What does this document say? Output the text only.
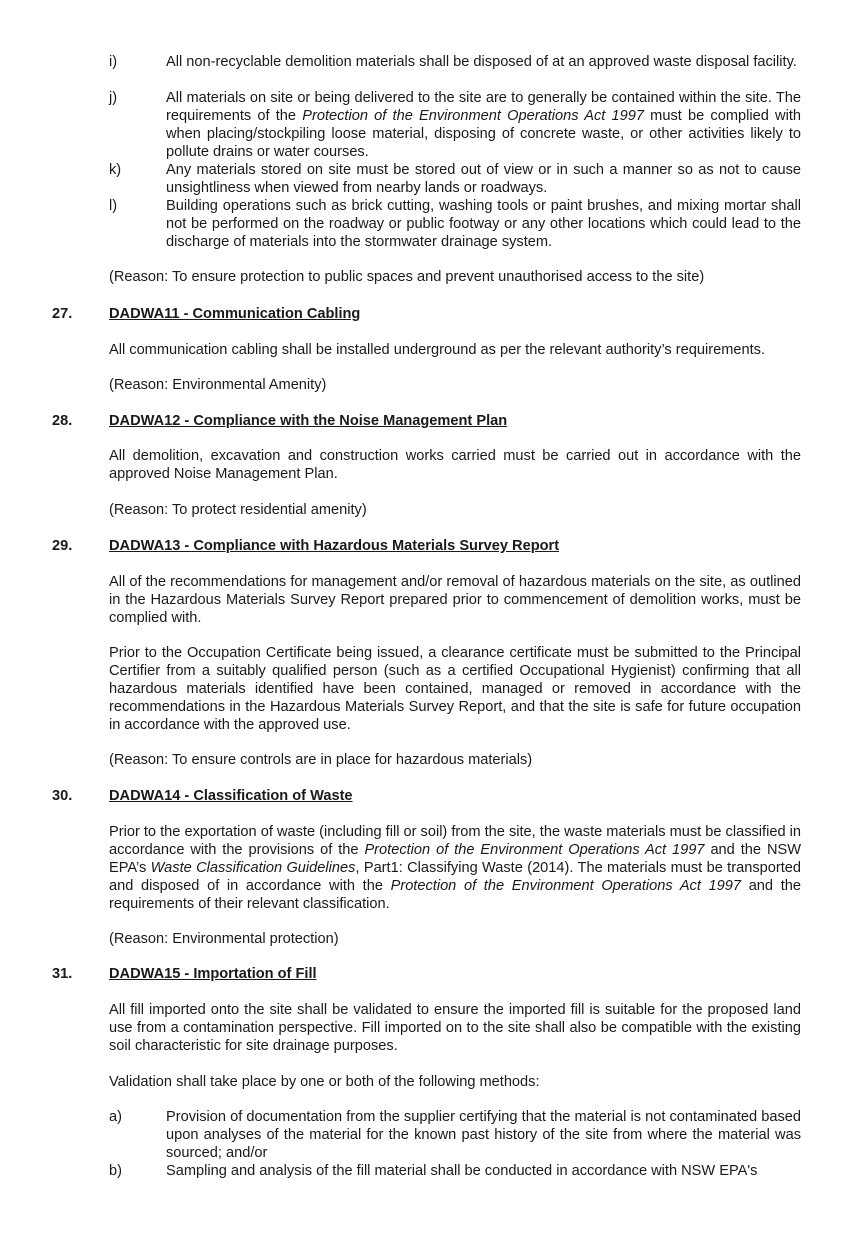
i)	All non-recyclable demolition materials shall be disposed of at an approved waste disposal facility.
j)	All materials on site or being delivered to the site are to generally be contained within the site. The requirements of the Protection of the Environment Operations Act 1997 must be complied with when placing/stockpiling loose material, disposing of concrete waste, or other activities likely to pollute drains or water courses.
k)	Any materials stored on site must be stored out of view or in such a manner so as not to cause unsightliness when viewed from nearby lands or roadways.
l)	Building operations such as brick cutting, washing tools or paint brushes, and mixing mortar shall not be performed on the roadway or public footway or any other locations which could lead to the discharge of materials into the stormwater drainage system.
(Reason: To ensure protection to public spaces and prevent unauthorised access to the site)
27.	DADWA11 - Communication Cabling
All communication cabling shall be installed underground as per the relevant authority’s requirements.
(Reason: Environmental Amenity)
28.	DADWA12 - Compliance with the Noise Management Plan
All demolition, excavation and construction works carried must be carried out in accordance with the approved Noise Management Plan.
(Reason: To protect residential amenity)
29.	DADWA13 - Compliance with Hazardous Materials Survey Report
All of the recommendations for management and/or removal of hazardous materials on the site, as outlined in the Hazardous Materials Survey Report prepared prior to commencement of demolition works, must be complied with.
Prior to the Occupation Certificate being issued, a clearance certificate must be submitted to the Principal Certifier from a suitably qualified person (such as a certified Occupational Hygienist) confirming that all hazardous materials identified have been contained, managed or removed in accordance with the recommendations in the Hazardous Materials Survey Report, and that the site is safe for future occupation in accordance with the approved use.
(Reason: To ensure controls are in place for hazardous materials)
30.	DADWA14 - Classification of Waste
Prior to the exportation of waste (including fill or soil) from the site, the waste materials must be classified in accordance with the provisions of the Protection of the Environment Operations Act 1997 and the NSW EPA’s Waste Classification Guidelines, Part1: Classifying Waste (2014). The materials must be transported and disposed of in accordance with the Protection of the Environment Operations Act 1997 and the requirements of their relevant classification.
(Reason: Environmental protection)
31.	DADWA15 - Importation of Fill
All fill imported onto the site shall be validated to ensure the imported fill is suitable for the proposed land use from a contamination perspective. Fill imported on to the site shall also be compatible with the existing soil characteristic for site drainage purposes.
Validation shall take place by one or both of the following methods:
a)	Provision of documentation from the supplier certifying that the material is not contaminated based upon analyses of the material for the known past history of the site from where the material was sourced; and/or
b)	Sampling and analysis of the fill material shall be conducted in accordance with NSW EPA's
